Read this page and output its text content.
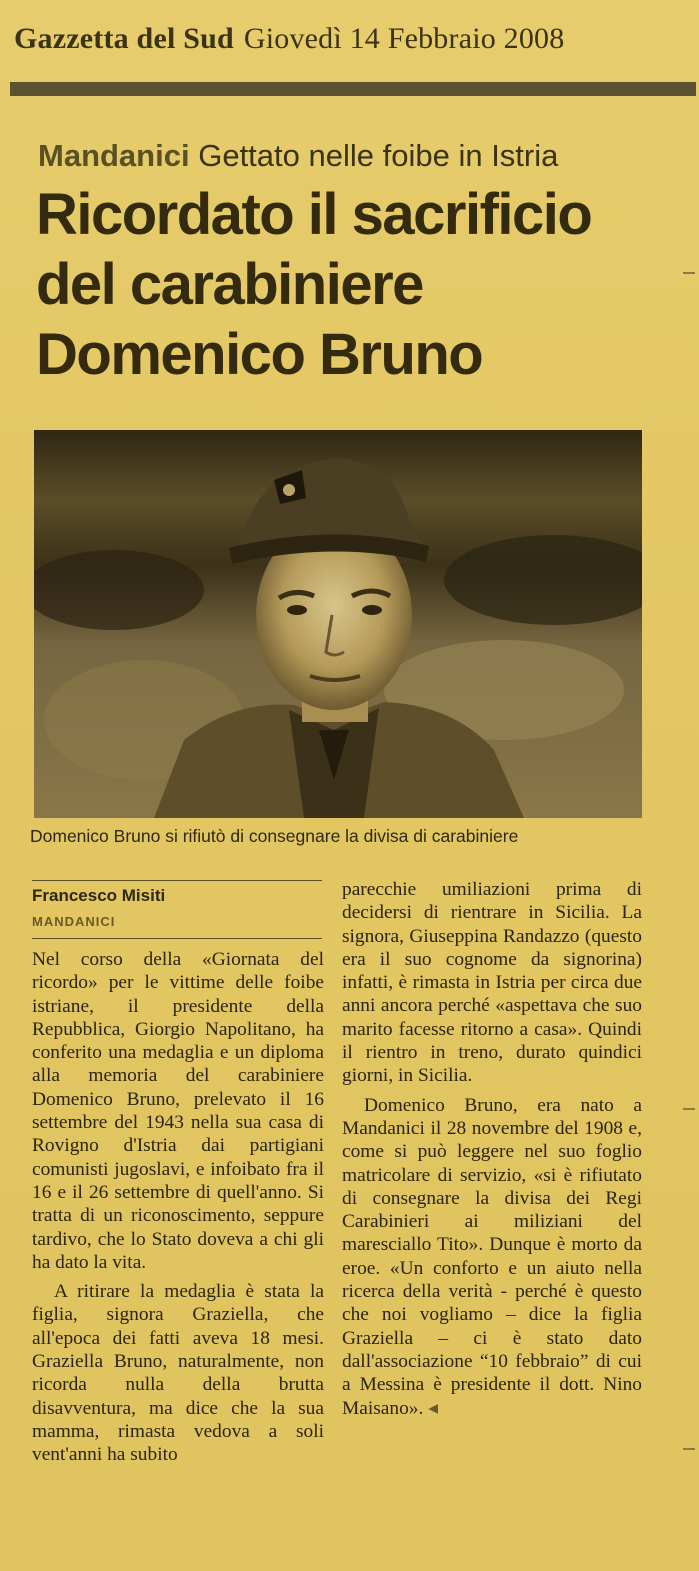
Gazzetta del Sud Giovedì 14 Febbraio 2008
Mandanici Gettato nelle foibe in Istria
Ricordato il sacrificio
del carabiniere
Domenico Bruno
Domenico Bruno si rifiutò di consegnare la divisa di carabiniere
Francesco Misiti
MANDANICI

Nel corso della «Giornata del ricordo» per le vittime delle foibe istriane, il presidente della Repubblica, Giorgio Napolitano, ha conferito una medaglia e un diploma alla memoria del carabiniere Domenico Bruno, prelevato il 16 settembre del 1943 nella sua casa di Rovigno d'Istria dai partigiani comunisti jugoslavi, e infoibato fra il 16 e il 26 settembre di quell'anno. Si tratta di un riconoscimento, seppure tardivo, che lo Stato doveva a chi gli ha dato la vita.

A ritirare la medaglia è stata la figlia, signora Graziella, che all'epoca dei fatti aveva 18 mesi. Graziella Bruno, naturalmente, non ricorda nulla della brutta disavventura, ma dice che la sua mamma, rimasta vedova a soli vent'anni ha subito

parecchie umiliazioni prima di decidersi di rientrare in Sicilia. La signora, Giuseppina Randazzo (questo era il suo cognome da signorina) infatti, è rimasta in Istria per circa due anni ancora perché «aspettava che suo marito facesse ritorno a casa». Quindi il rientro in treno, durato quindici giorni, in Sicilia.

Domenico Bruno, era nato a Mandanici il 28 novembre del 1908 e, come si può leggere nel suo foglio matricolare di servizio, «si è rifiutato di consegnare la divisa dei Regi Carabinieri ai miliziani del maresciallo Tito». Dunque è morto da eroe. «Un conforto e un aiuto nella ricerca della verità - perché è questo che noi vogliamo – dice la figlia Graziella – ci è stato dato dall'associazione “10 febbraio” di cui a Messina è presidente il dott. Nino Maisano». ◂
